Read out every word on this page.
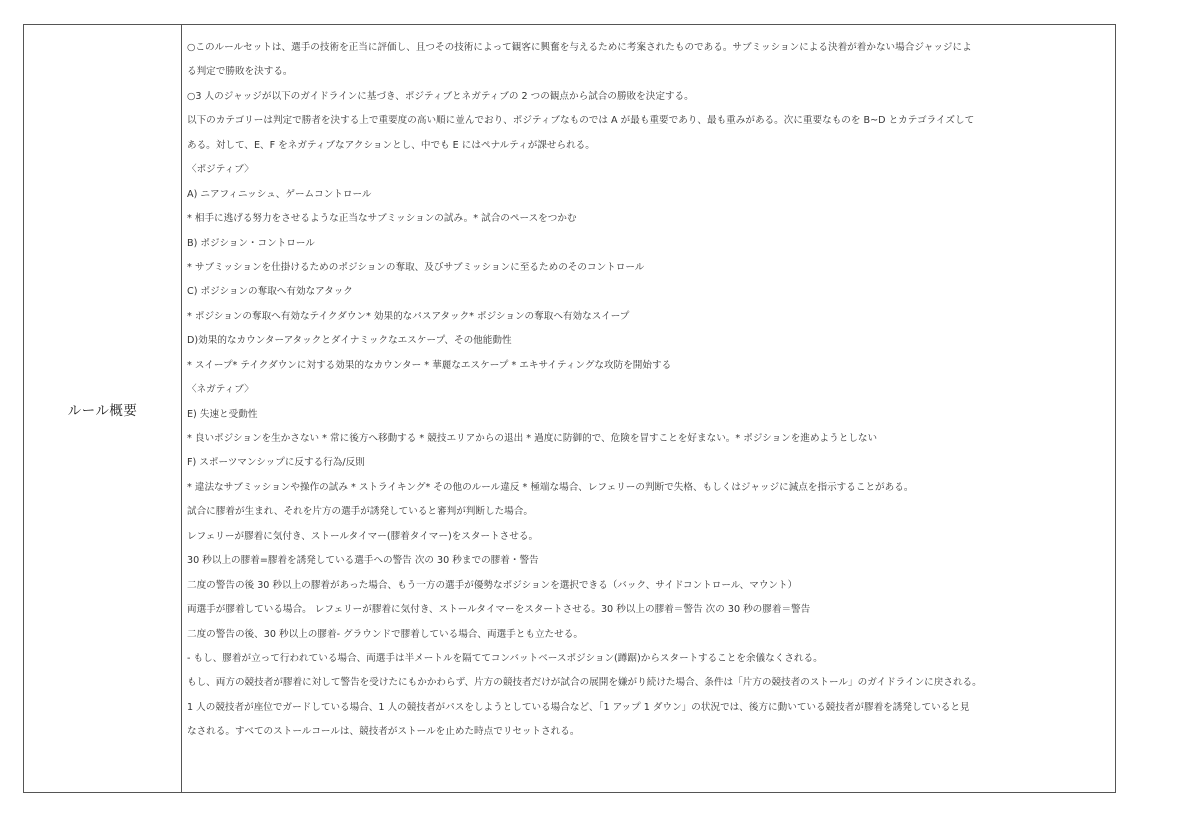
ルール概要
○このルールセットは、選手の技術を正当に評価し、且つその技術によって観客に興奮を与えるために考案されたものである。サブミッションによる決着が着かない場合ジャッジによ
る判定で勝敗を決する。
○3 人のジャッジが以下のガイドラインに基づき、ポジティブとネガティブの 2 つの観点から試合の勝敗を決定する。
以下のカテゴリーは判定で勝者を決する上で重要度の高い順に並んでおり、ポジティブなものでは A が最も重要であり、最も重みがある。次に重要なものを B~D とカテゴライズして
ある。対して、E、F をネガティブなアクションとし、中でも E にはペナルティが課せられる。
〈ポジティブ〉
A) ニアフィニッシュ、ゲームコントロール
* 相手に逃げる努力をさせるような正当なサブミッションの試み。* 試合のペースをつかむ
B) ポジション・コントロール
* サブミッションを仕掛けるためのポジションの奪取、及びサブミッションに至るためのそのコントロール
C) ポジションの奪取へ有効なアタック
* ポジションの奪取へ有効なテイクダウン* 効果的なパスアタック* ポジションの奪取へ有効なスイープ
D)効果的なカウンターアタックとダイナミックなエスケープ、その他能動性
* スイープ* テイクダウンに対する効果的なカウンター * 華麗なエスケープ * エキサイティングな攻防を開始する
〈ネガティブ〉
E) 失速と受動性
* 良いポジションを生かさない * 常に後方へ移動する * 競技エリアからの退出 * 過度に防御的で、危険を冒すことを好まない。* ポジションを進めようとしない
F) スポーツマンシップに反する行為/反則
* 違法なサブミッションや操作の試み * ストライキング* その他のルール違反 * 極端な場合、レフェリーの判断で失格、もしくはジャッジに減点を指示することがある。
試合に膠着が生まれ、それを片方の選手が誘発していると審判が判断した場合。
レフェリーが膠着に気付き、ストールタイマー(膠着タイマー)をスタートさせる。
30 秒以上の膠着=膠着を誘発している選手への警告 次の 30 秒までの膠着・警告
二度の警告の後 30 秒以上の膠着があった場合、もう一方の選手が優勢なポジションを選択できる（バック、サイドコントロール、マウント）
両選手が膠着している場合。 レフェリーが膠着に気付き、ストールタイマーをスタートさせる。30 秒以上の膠着＝警告 次の 30 秒の膠着＝警告
二度の警告の後、30 秒以上の膠着- グラウンドで膠着している場合、両選手とも立たせる。
- もし、膠着が立って行われている場合、両選手は半メートルを隔ててコンバットベースポジション(蹲踞)からスタートすることを余儀なくされる。
もし、両方の競技者が膠着に対して警告を受けたにもかかわらず、片方の競技者だけが試合の展開を嫌がり続けた場合、条件は「片方の競技者のストール」のガイドラインに戻される。
1 人の競技者が座位でガードしている場合、1 人の競技者がパスをしようとしている場合など、「1 アップ 1 ダウン」の状況では、後方に動いている競技者が膠着を誘発していると見
なされる。すべてのストールコールは、競技者がストールを止めた時点でリセットされる。
